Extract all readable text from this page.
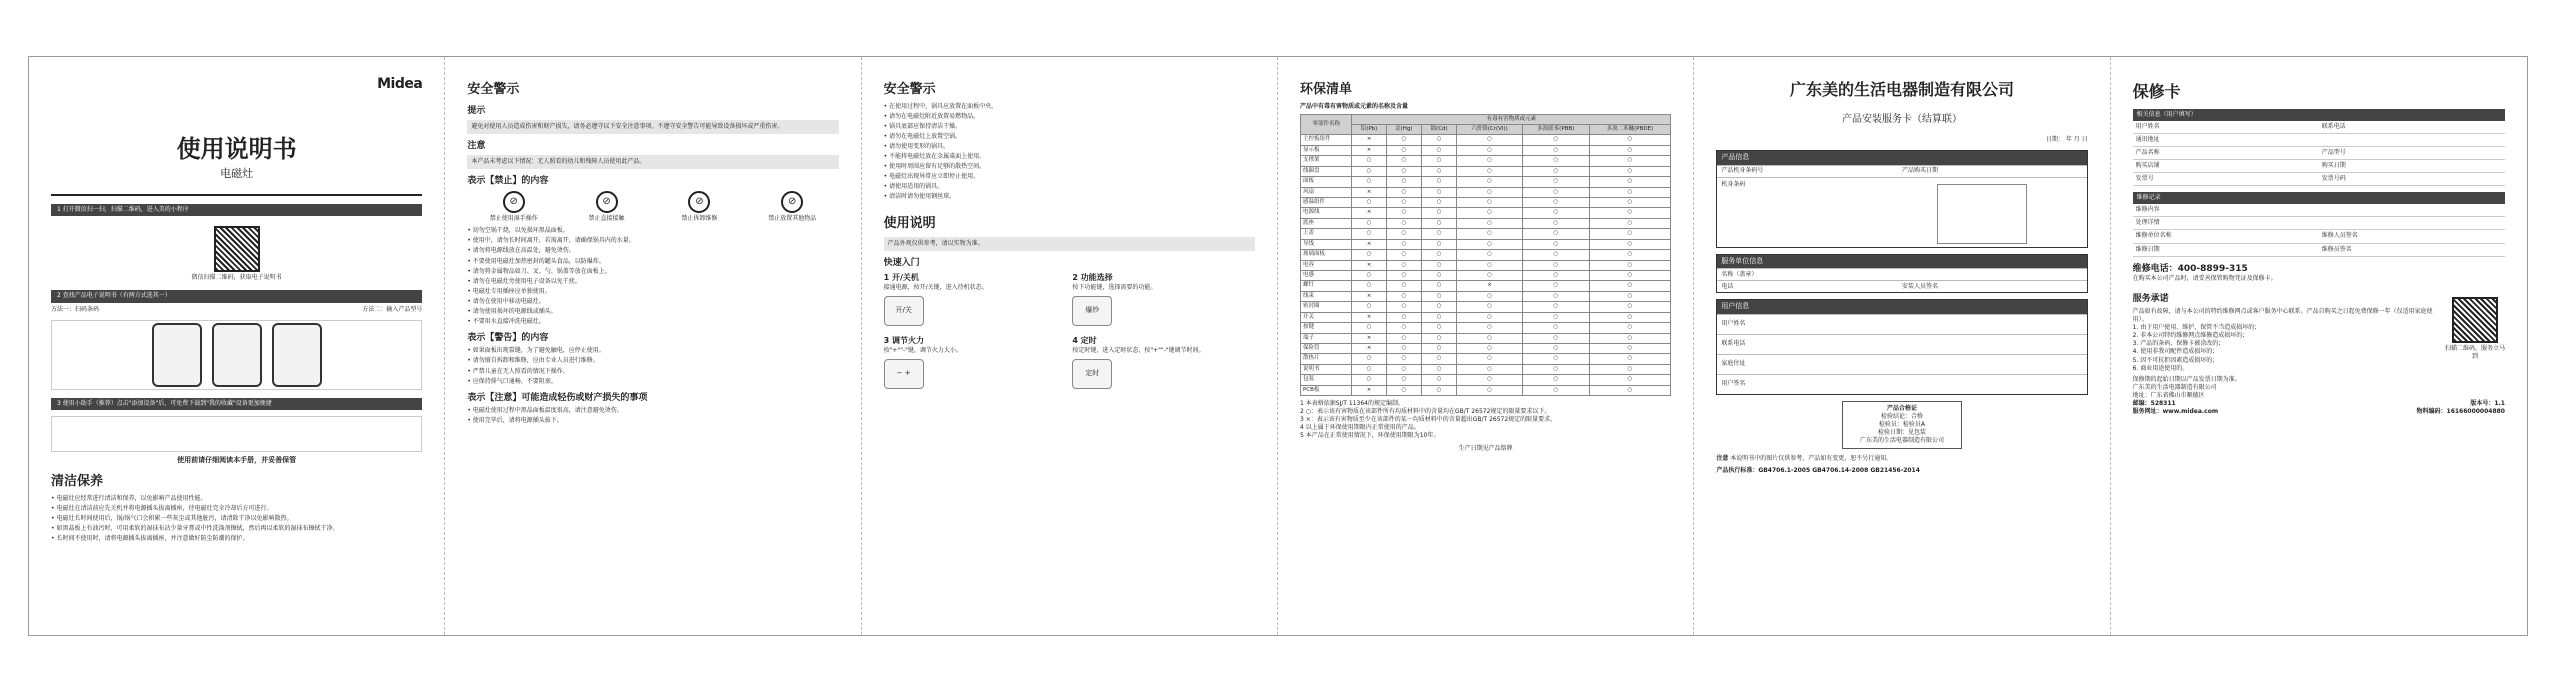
Midea
使用说明书
电磁灶
1 打开微信扫一扫，扫描二维码，进入美的小程序
微信扫描二维码，获取电子说明书
2 查找产品电子说明书（有两方式选其一）
方法一：扫码条码	方法二：输入产品型号
3 使用小助手（推荐）点击"添加设备"后，可免费下载到"我的收藏"设备更加便捷
使用前请仔细阅读本手册，并妥善保管
清洁保养
• 电磁灶应经常进行清洁和保养，以免影响产品使用性能。
• 电磁灶在清洁前应先关机并将电源插头拔离插座，待电磁灶完全冷却后方可进行。
• 电磁灶长时间使用后，锅/锅气口会积累一些灰尘或其他脏污，请清除干净以免影响散热。
• 如黑晶板上有油污时，可用柔软的湿抹布沾少量牙膏或中性洗涤剂擦拭，然后再以柔软的湿抹布擦拭干净。
• 长时间不使用时，请将电源插头拔离插座，并注意做好防尘防潮的保护。
安全警示
提示
避免对使用人员造成伤害和财产损失，请务必遵守以下安全注意事项。不遵守安全警告可能导致设备损坏或严重伤害。
注意
本产品未考虑以下情况：无人照看的幼儿和残障人员使用此产品。
表示【禁止】的内容
⊘
禁止使用湿手操作
⊘
禁止直接接触
⊘
禁止拆卸维修
⊘
禁止放置其他物品
• 切勿空锅干烧，以免损坏黑晶面板。
• 使用中，请勿长时间离开，若需离开，请确保锅具内的水量。
• 请勿将电源线放在高温处，避免烫伤。
• 不要使用电磁灶加热密封的罐头食品，以防爆炸。
• 请勿将金属物品如刀、叉、勺、锅盖等放在面板上。
• 请勿在电磁灶旁使用电子设备以免干扰。
• 电磁灶专用插座应单独使用。
• 请勿在使用中移动电磁灶。
• 请勿使用损坏的电源线或插头。
• 不要用水直接冲洗电磁灶。
表示【警告】的内容
• 如果面板出现裂缝，为了避免触电，应停止使用。
• 请勿擅自拆卸和维修，应由专业人员进行维修。
• 严禁儿童在无人照看的情况下操作。
• 应保持排气口通畅，不要阻塞。
表示【注意】可能造成轻伤或财产损失的事项
• 电磁灶使用过程中黑晶面板温度很高，请注意避免烫伤。
• 使用完毕后，请将电源插头拔下。
安全警示
• 在使用过程中，锅具应放置在面板中央。
• 请勿在电磁灶附近放置易燃物品。
• 锅具底部应保持清洁干燥。
• 请勿在电磁灶上放置空锅。
• 请勿使用变形的锅具。
• 不能将电磁灶放在金属桌面上使用。
• 使用时周围应留有足够的散热空间。
• 电磁灶出现异常应立即停止使用。
• 请使用适用的锅具。
• 清洁时请勿使用钢丝球。
使用说明
产品外观仅供参考，请以实物为准。
快速入门
1 开/关机
接通电源，按开/关键，进入待机状态。
开/关
2 功能选择
按下功能键，选择需要的功能。
爆炒
3 调节火力
按"+""-"键，调节火力大小。
− +
4 定时
按定时键，进入定时状态，按"+""-"键调节时间。
定时
环保清单
产品中有毒有害物质或元素的名称及含量
零部件名称	有毒有害物质或元素					
	铅(Pb)	汞(Hg)	镉(Cd)	六价铬(Cr(VI))	多溴联苯(PBB)	多溴二苯醚(PBDE)
主控板组件	×	○	○	○	○	○
显示板	×	○	○	○	○	○
支撑架	○	○	○	○	○	○
线圈盘	○	○	○	○	○	○
面板	○	○	○	○	○	○
风扇	×	○	○	○	○	○
感温组件	○	○	○	○	○	○
电源线	×	○	○	○	○	○
底座	○	○	○	○	○	○
上盖	○	○	○	○	○	○
导线	×	○	○	○	○	○
玻璃面板	○	○	○	○	○	○
电容	×	○	○	○	○	○
电感	○	○	○	○	○	○
螺钉	○	○	○	×	○	○
线束	×	○	○	○	○	○
密封圈	○	○	○	○	○	○
开关	×	○	○	○	○	○
按键	○	○	○	○	○	○
端子	×	○	○	○	○	○
保险管	×	○	○	○	○	○
散热片	○	○	○	○	○	○
说明书	○	○	○	○	○	○
包装	○	○	○	○	○	○
PCB板	×	○	○	○	○	○
1 本表格依据SJ/T 11364的规定编制。
2 ○：表示该有害物质在该部件所有均质材料中的含量均在GB/T 26572规定的限量要求以下。
3 ×：表示该有害物质至少在该部件的某一均质材料中的含量超出GB/T 26572规定的限量要求。
4 以上属于环保使用期限内正常使用的产品。
5 本产品在正常使用情况下，环保使用期限为10年。
生产日期见产品铭牌
广东美的生活电器制造有限公司
产品安装服务卡（结算联）
日期： 年 月 日
产品信息
产品机身条码号	产品购买日期
机身条码
服务单位信息
名称（盖章）
电话	安装人员签名
用户信息
用户姓名
联系电话
家庭住址
用户签名
产品合格证
检验结论：合格
检验员：检验员A
检验日期：见包装
广东美的生活电器制造有限公司
注意 本说明书中的图片仅供参考，产品如有变更，恕不另行通知。
产品执行标准：GB4706.1-2005 GB4706.14-2008 GB21456-2014
保修卡
相关信息（用户填写）
用户姓名	联系电话
通讯地址
产品名称	产品型号
购买店铺	购买日期
发票号	发票号码
维修记录
维修内容
处理详情
维修单位名称	维修人员签名
维修日期	维修员签名
维修电话：400-8899-315
在购买本公司产品时，请妥善保管购物凭证及保修卡。
服务承诺
产品如有故障，请与本公司的特约维修网点或客户服务中心联系。产品自购买之日起免费保修一年（仅适用家庭使用）。
1. 由于用户使用、维护、保管不当造成损坏的；
2. 非本公司特约维修网点维修造成损坏的；
3. 产品的条码、保修卡被涂改的；
4. 使用非我司配件造成损坏的；
5. 因不可抗拒因素造成损坏的；
6. 商业用途使用的。
扫描二维码，服务立马到
保修期的起始日期以产品发票日期为准。
广东美的生活电器制造有限公司
地址：广东省佛山市顺德区
邮编：528311	版本号：1.1
服务网址：www.midea.com	物料编码：16166000004880
